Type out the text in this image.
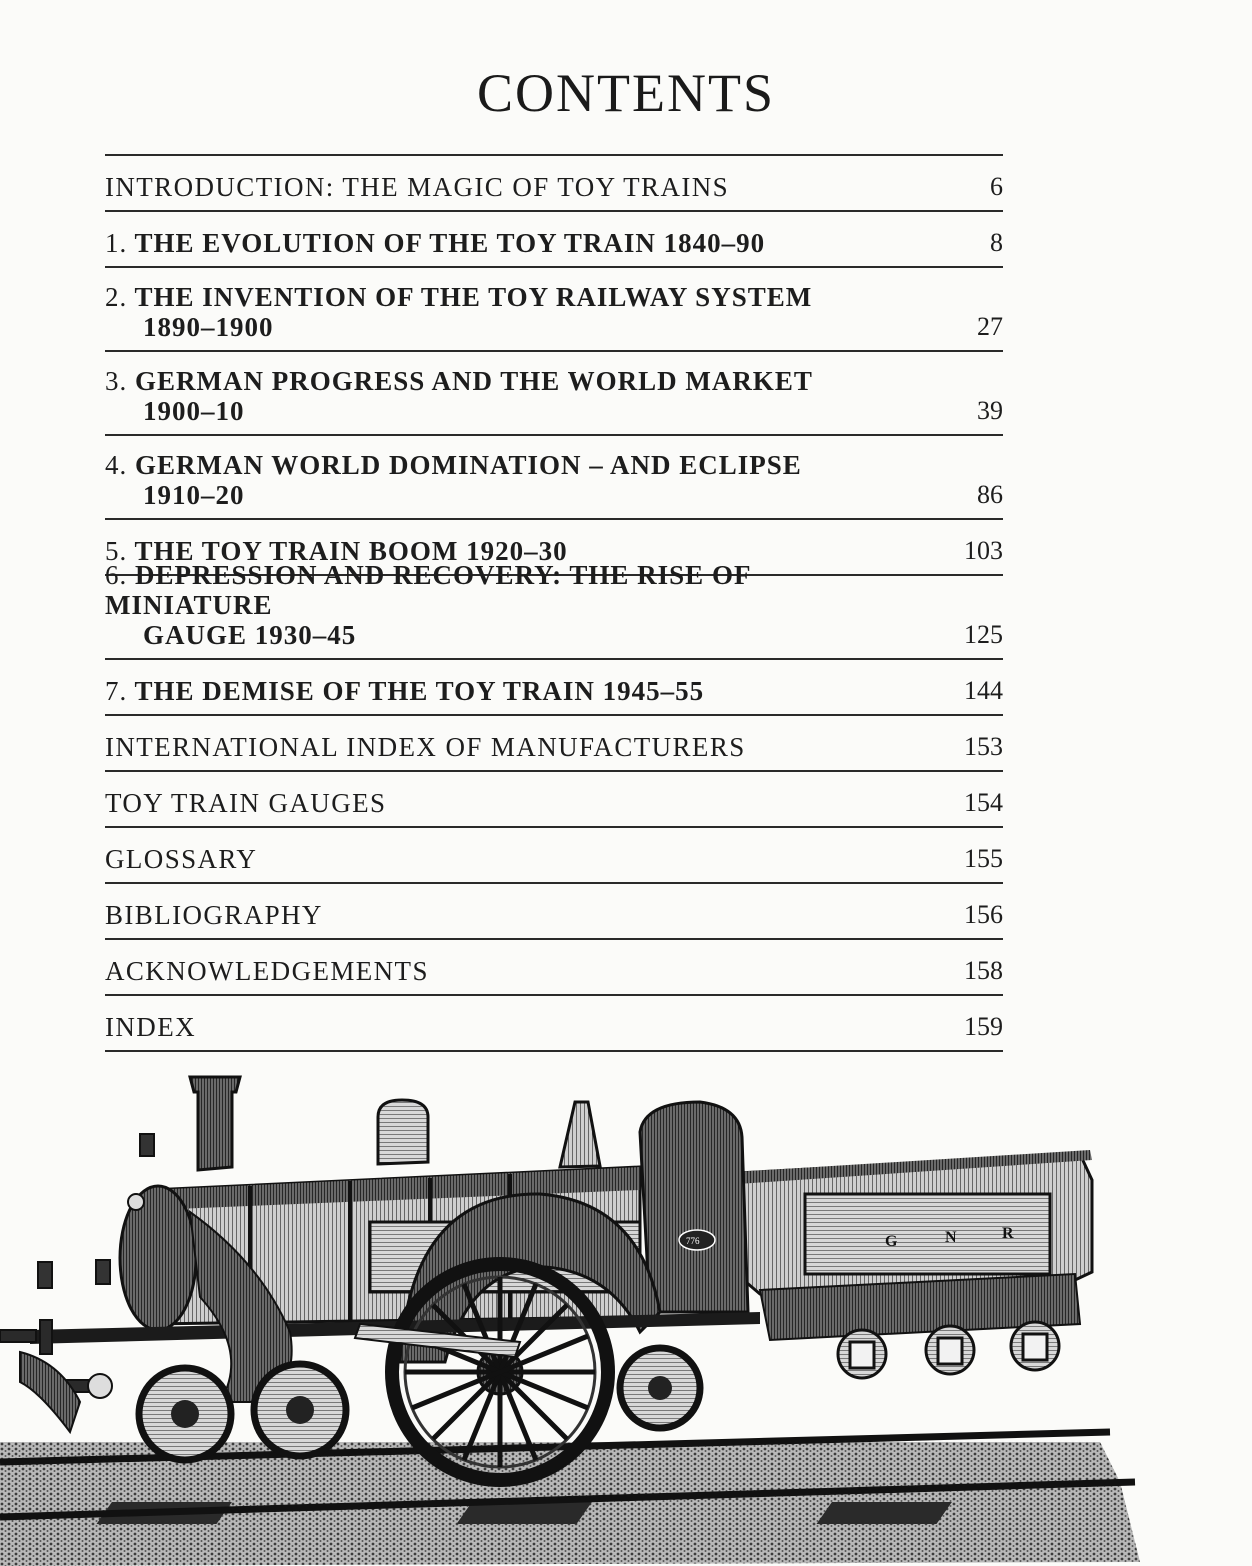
CONTENTS
INTRODUCTION: THE MAGIC OF TOY TRAINS	6
1. THE EVOLUTION OF THE TOY TRAIN 1840–90	8
2. THE INVENTION OF THE TOY RAILWAY SYSTEM
1890–1900	27
3. GERMAN PROGRESS AND THE WORLD MARKET
1900–10	39
4. GERMAN WORLD DOMINATION – AND ECLIPSE
1910–20	86
5. THE TOY TRAIN BOOM 1920–30	103
6. DEPRESSION AND RECOVERY: THE RISE OF MINIATURE
GAUGE 1930–45	125
7. THE DEMISE OF THE TOY TRAIN 1945–55	144
INTERNATIONAL INDEX OF MANUFACTURERS	153
TOY TRAIN GAUGES	154
GLOSSARY	155
BIBLIOGRAPHY	156
ACKNOWLEDGEMENTS	158
INDEX	159
G	N	R
776
